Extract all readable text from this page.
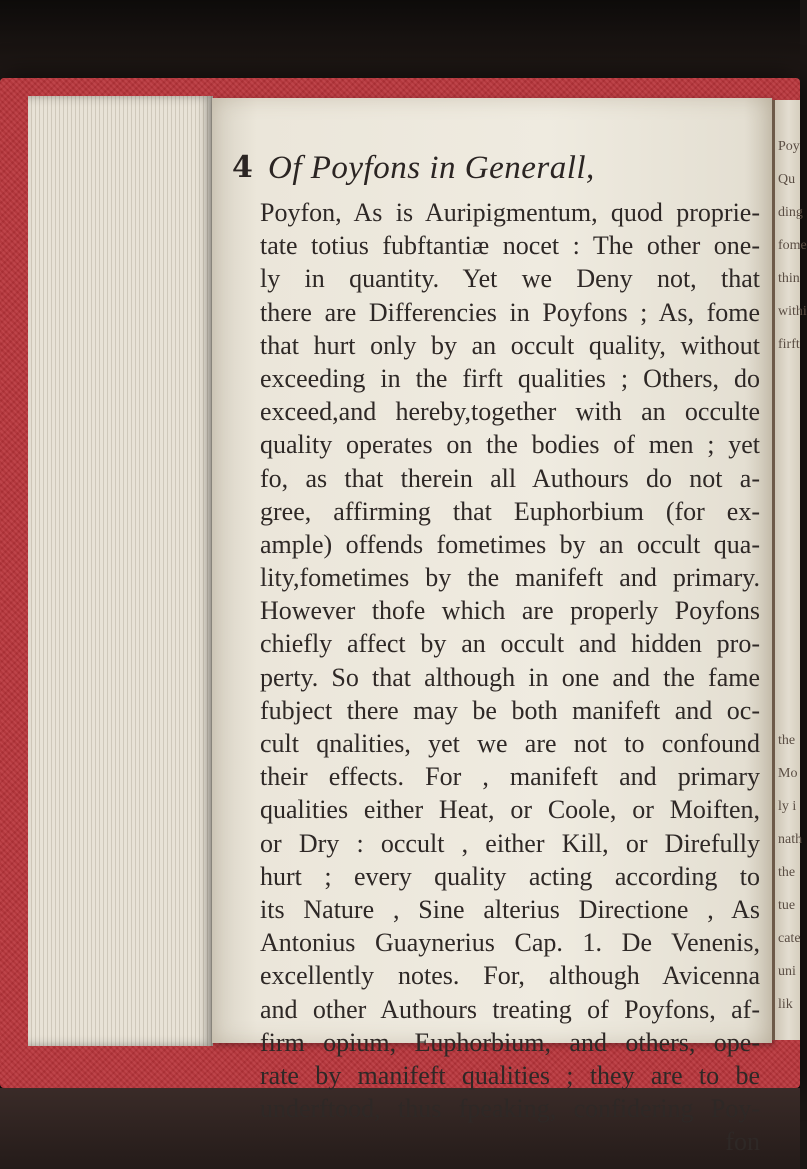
4 Of Poyfons in Generall,
Poyfon, As is Auripigmentum, quod proprie-
tate totius fubftantiæ nocet : The other one-
ly in quantity. Yet we Deny not, that
there are Differencies in Poyfons ; As, fome
that hurt only by an occult quality, without
exceeding in the firft qualities ; Others, do
exceed,and hereby,together with an occulte
quality operates on the bodies of men ; yet
fo, as that therein all Authours do not a-
gree, affirming that Euphorbium (for ex-
ample) offends fometimes by an occult qua-
lity,fometimes by the manifeft and primary.
However thofe which are properly Poyfons
chiefly affect by an occult and hidden pro-
perty. So that although in one and the fame
fubject there may be both manifeft and oc-
cult qnalities, yet we are not to confound
their effects. For , manifeft and primary
qualities either Heat, or Coole, or Moiften,
or Dry : occult , either Kill, or Direfully
hurt ; every quality acting according to
its Nature , Sine alterius Directione , As
Antonius Guaynerius Cap. 1. De Venenis,
excellently notes. For, although Avicenna
and other Authours treating of Poyfons, af-
firm opium, Euphorbium, and others, ope-
rate by manifeft qualities ; they are to be
underftood, thus fpeaking, confidering Poy-
fon
Poy
Qu
ding
fome
thin
withi
firft
the
Mo
ly i
nath
the
tue
cate
uni
lik
